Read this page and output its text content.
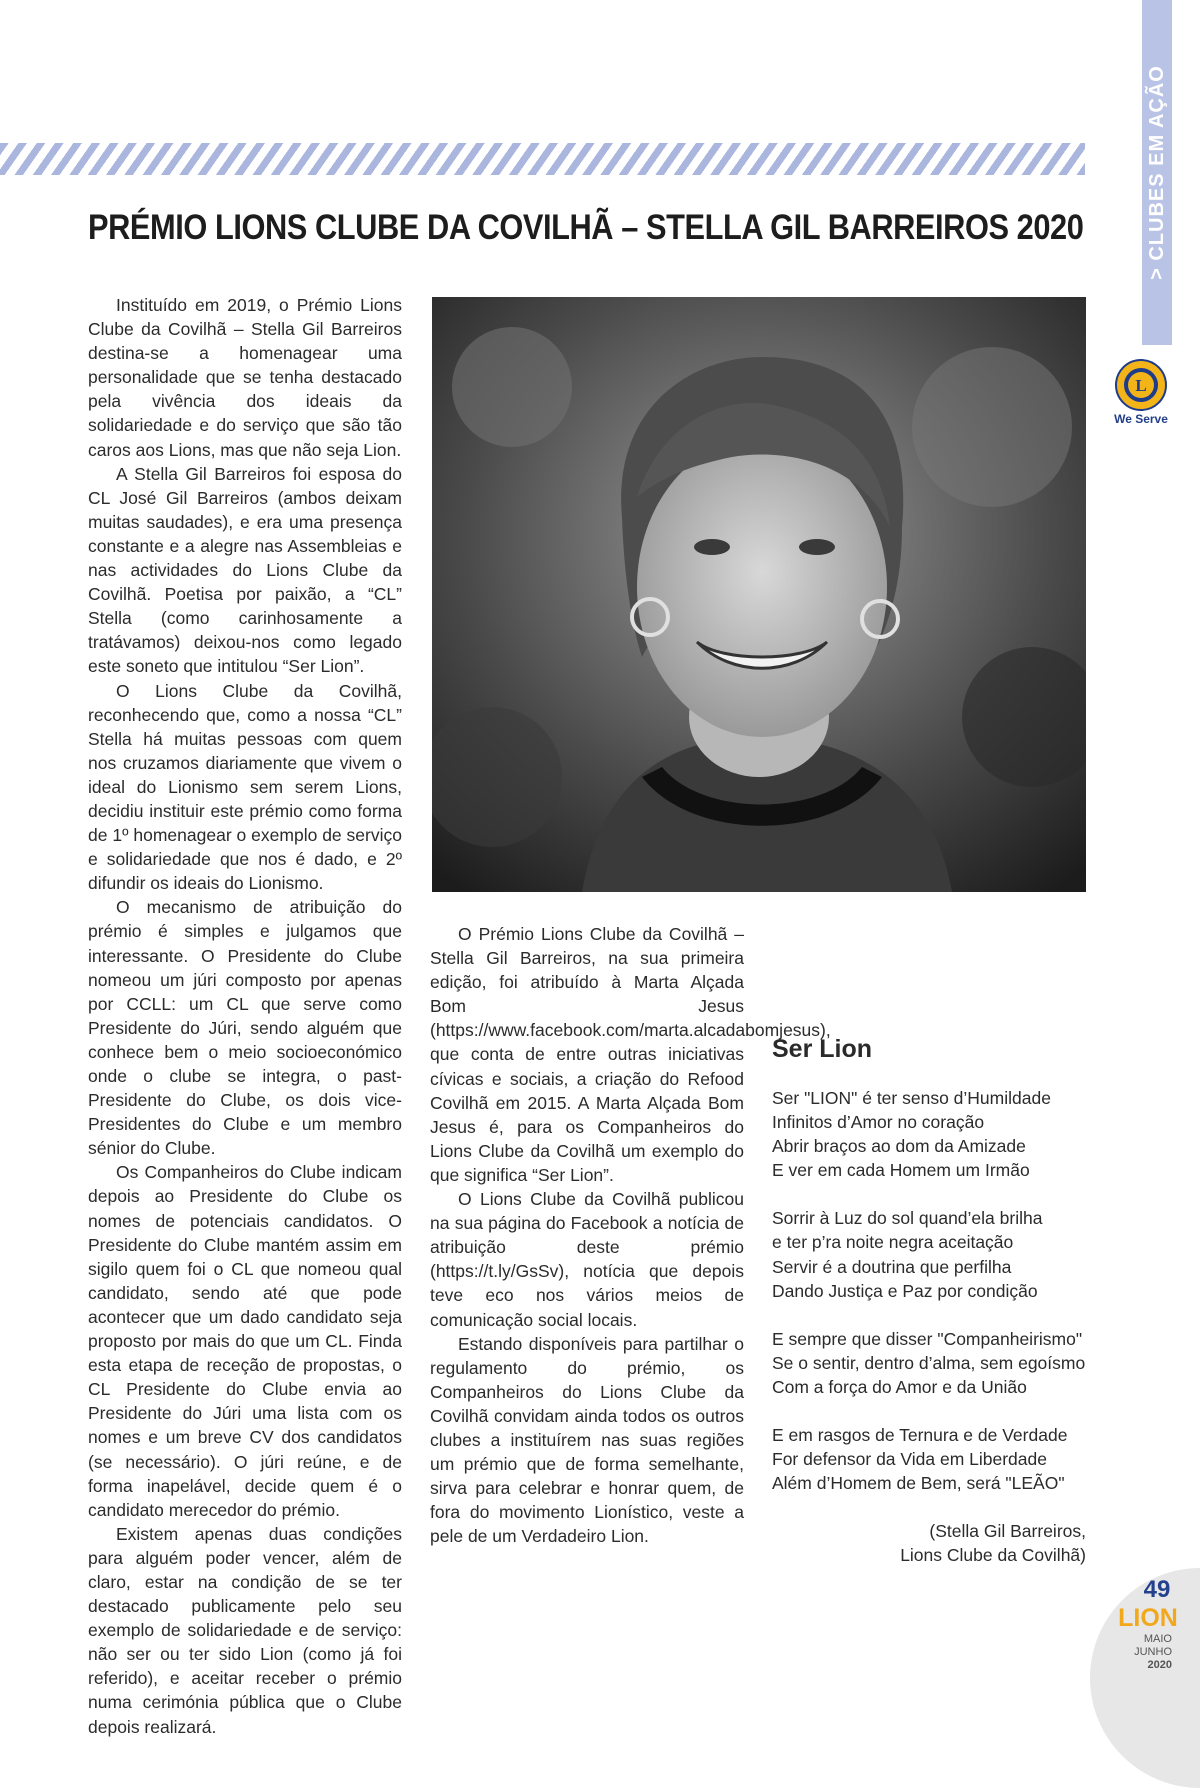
> CLUBES EM AÇÃO
L
We Serve
PRÉMIO LIONS CLUBE DA COVILHÃ – STELLA GIL BARREIROS 2020

Instituído em 2019, o Prémio Lions Clube da Covilhã – Stella Gil Barreiros destina-se a homenagear uma personalidade que se tenha destacado pela vivência dos ideais da solidariedade e do serviço que são tão caros aos Lions, mas que não seja Lion.

A Stella Gil Barreiros foi esposa do CL José Gil Barreiros (ambos deixam muitas saudades), e era uma presença constante e a alegre nas Assembleias e nas actividades do Lions Clube da Covilhã. Poetisa por paixão, a “CL” Stella (como carinhosamente a tratávamos) deixou-nos como legado este soneto que intitulou “Ser Lion”.

O Lions Clube da Covilhã, reconhecendo que, como a nossa “CL” Stella há muitas pessoas com quem nos cruzamos diariamente que vivem o ideal do Lionismo sem serem Lions, decidiu instituir este prémio como forma de 1º homenagear o exemplo de serviço e solidariedade que nos é dado, e 2º difundir os ideais do Lionismo.

O mecanismo de atribuição do prémio é simples e julgamos que interessante. O Presidente do Clube nomeou um júri composto por apenas por CCLL: um CL que serve como Presidente do Júri, sendo alguém que conhece bem o meio socioeconómico onde o clube se integra, o past-Presidente do Clube, os dois vice-Presidentes do Clube e um membro sénior do Clube.

Os Companheiros do Clube indicam depois ao Presidente do Clube os nomes de potenciais candidatos. O Presidente do Clube mantém assim em sigilo quem foi o CL que nomeou qual candidato, sendo até que pode acontecer que um dado candidato seja proposto por mais do que um CL. Finda esta etapa de receção de propostas, o CL Presidente do Clube envia ao Presidente do Júri uma lista com os nomes e um breve CV dos candidatos (se necessário). O júri reúne, e de forma inapelável, decide quem é o candidato merecedor do prémio.

Existem apenas duas condições para alguém poder vencer, além de claro, estar na condição de se ter destacado publicamente pelo seu exemplo de solidariedade e de serviço: não ser ou ter sido Lion (como já foi referido), e aceitar receber o prémio numa cerimónia pública que o Clube depois realizará.

O Prémio Lions Clube da Covilhã – Stella Gil Barreiros, na sua primeira edição, foi atribuído à Marta Alçada Bom Jesus (https://www.facebook.com/marta.alcadabomjesus), que conta de entre outras iniciativas cívicas e sociais, a criação do Refood Covilhã em 2015. A Marta Alçada Bom Jesus é, para os Companheiros do Lions Clube da Covilhã um exemplo do que significa “Ser Lion”.

O Lions Clube da Covilhã publicou na sua página do Facebook a notícia de atribuição deste prémio (https://t.ly/GsSv), notícia que depois teve eco nos vários meios de comunicação social locais.

Estando disponíveis para partilhar o regulamento do prémio, os Companheiros do Lions Clube da Covilhã convidam ainda todos os outros clubes a instituírem nas suas regiões um prémio que de forma semelhante, sirva para celebrar e honrar quem, de fora do movimento Lionístico, veste a pele de um Verdadeiro Lion.

Ser Lion
Ser "LION" é ter senso d’Humildade
Infinitos d’Amor no coração
Abrir braços ao dom da Amizade
E ver em cada Homem um Irmão
Sorrir à Luz do sol quand’ela brilha
e ter p’ra noite negra aceitação
Servir é a doutrina que perfilha
Dando Justiça e Paz por condição
E sempre que disser "Companheirismo"
Se o sentir, dentro d’alma, sem egoísmo
Com a força do Amor e da União
E em rasgos de Ternura e de Verdade
For defensor da Vida em Liberdade
Além d’Homem de Bem, será "LEÃO"
(Stella Gil Barreiros,
Lions Clube da Covilhã)
49
LION
MAIO
JUNHO
2020
